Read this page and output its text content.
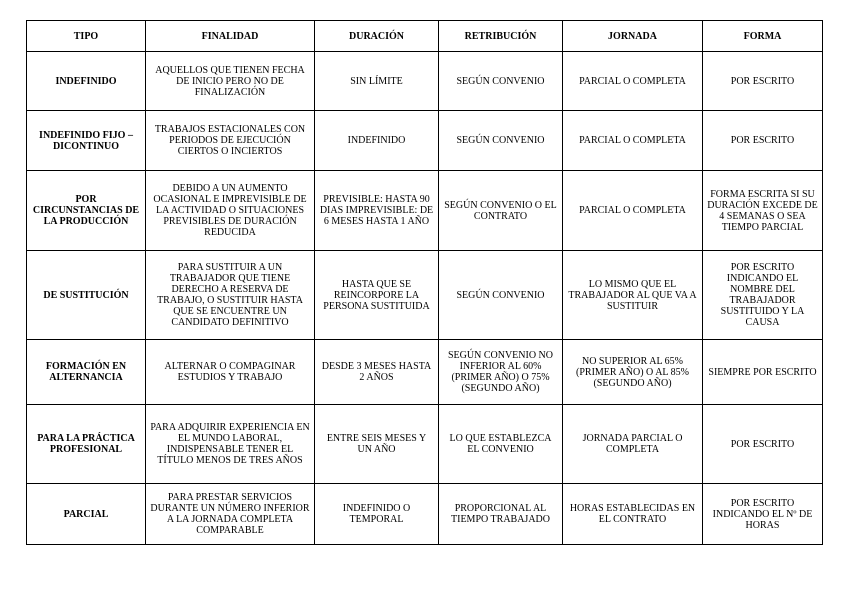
TIPO	FINALIDAD	DURACIÓN	RETRIBUCIÓN	JORNADA	FORMA
INDEFINIDO	AQUELLOS QUE TIENEN FECHA DE INICIO PERO NO DE FINALIZACIÓN	SIN LÍMITE	SEGÚN CONVENIO	PARCIAL O COMPLETA	POR ESCRITO
INDEFINIDO FIJO – DICONTINUO	TRABAJOS ESTACIONALES CON PERIODOS DE EJECUCIÓN CIERTOS O INCIERTOS	INDEFINIDO	SEGÚN CONVENIO	PARCIAL O COMPLETA	POR ESCRITO
POR CIRCUNSTANCIAS DE LA PRODUCCIÓN	DEBIDO A UN AUMENTO OCASIONAL E IMPREVISIBLE DE LA ACTIVIDAD O SITUACIONES PREVISIBLES DE DURACIÓN REDUCIDA	PREVISIBLE: HASTA 90 DIAS IMPREVISIBLE: DE 6 MESES HASTA 1 AÑO	SEGÚN CONVENIO O EL CONTRATO	PARCIAL O COMPLETA	FORMA ESCRITA SI SU DURACIÓN EXCEDE DE 4 SEMANAS O SEA TIEMPO PARCIAL
DE SUSTITUCIÓN	PARA SUSTITUIR A UN TRABAJADOR QUE TIENE DERECHO A RESERVA DE TRABAJO, O SUSTITUIR HASTA QUE SE ENCUENTRE UN CANDIDATO DEFINITIVO	HASTA QUE SE REINCORPORE LA PERSONA SUSTITUIDA	SEGÚN CONVENIO	LO MISMO QUE EL TRABAJADOR AL QUE VA A SUSTITUIR	POR ESCRITO INDICANDO EL NOMBRE DEL TRABAJADOR SUSTITUIDO Y LA CAUSA
FORMACIÓN EN ALTERNANCIA	ALTERNAR O COMPAGINAR ESTUDIOS Y TRABAJO	DESDE 3 MESES HASTA 2 AÑOS	SEGÚN CONVENIO NO INFERIOR AL 60% (PRIMER AÑO) O 75% (SEGUNDO AÑO)	NO SUPERIOR AL 65% (PRIMER AÑO) O AL 85% (SEGUNDO AÑO)	SIEMPRE POR ESCRITO
PARA LA PRÁCTICA PROFESIONAL	PARA ADQUIRIR EXPERIENCIA EN EL MUNDO LABORAL, INDISPENSABLE TENER EL TÍTULO MENOS DE TRES AÑOS	ENTRE SEIS MESES Y UN AÑO	LO QUE ESTABLEZCA EL CONVENIO	JORNADA PARCIAL O COMPLETA	POR ESCRITO
PARCIAL	PARA PRESTAR SERVICIOS DURANTE UN NÚMERO INFERIOR A LA JORNADA COMPLETA COMPARABLE	INDEFINIDO O TEMPORAL	PROPORCIONAL AL TIEMPO TRABAJADO	HORAS ESTABLECIDAS EN EL CONTRATO	POR ESCRITO INDICANDO EL Nº DE HORAS
